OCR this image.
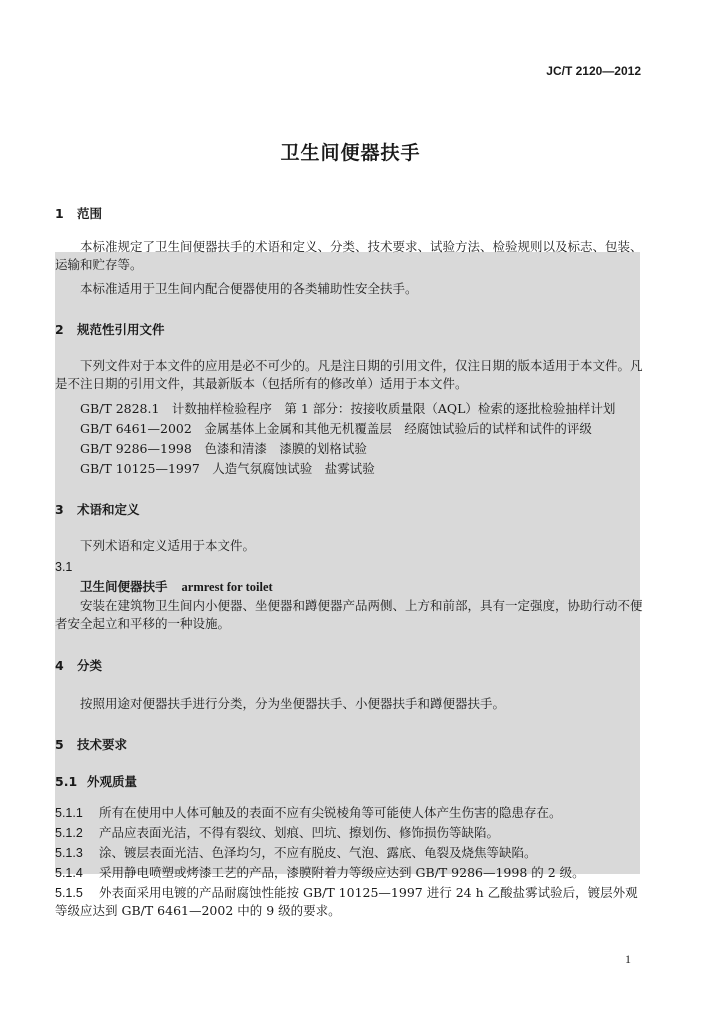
JC/T 2120—2012
卫生间便器扶手
1 范围
本标准规定了卫生间便器扶手的术语和定义、分类、技术要求、试验方法、检验规则以及标志、包装、运输和贮存等。
本标准适用于卫生间内配合便器使用的各类辅助性安全扶手。
2 规范性引用文件
下列文件对于本文件的应用是必不可少的。凡是注日期的引用文件，仅注日期的版本适用于本文件。凡是不注日期的引用文件，其最新版本（包括所有的修改单）适用于本文件。
GB/T 2828.1　计数抽样检验程序　第 1 部分：按接收质量限（AQL）检索的逐批检验抽样计划
GB/T 6461—2002　金属基体上金属和其他无机覆盖层　经腐蚀试验后的试样和试件的评级
GB/T 9286—1998　色漆和清漆　漆膜的划格试验
GB/T 10125—1997　人造气氛腐蚀试验　盐雾试验
3 术语和定义
下列术语和定义适用于本文件。
3.1
卫生间便器扶手 armrest for toilet
安装在建筑物卫生间内小便器、坐便器和蹲便器产品两侧、上方和前部，具有一定强度，协助行动不便者安全起立和平移的一种设施。
4 分类
按照用途对便器扶手进行分类，分为坐便器扶手、小便器扶手和蹲便器扶手。
5 技术要求
5.1 外观质量
5.1.1 所有在使用中人体可触及的表面不应有尖锐棱角等可能使人体产生伤害的隐患存在。
5.1.2 产品应表面光洁，不得有裂纹、划痕、凹坑、擦划伤、修饰损伤等缺陷。
5.1.3 涂、镀层表面光洁、色泽均匀，不应有脱皮、气泡、露底、龟裂及烧焦等缺陷。
5.1.4 采用静电喷塑或烤漆工艺的产品，漆膜附着力等级应达到 GB/T 9286—1998 的 2 级。
5.1.5 外表面采用电镀的产品耐腐蚀性能按 GB/T 10125—1997 进行 24 h 乙酸盐雾试验后，镀层外观等级应达到 GB/T 6461—2002 中的 9 级的要求。
1
